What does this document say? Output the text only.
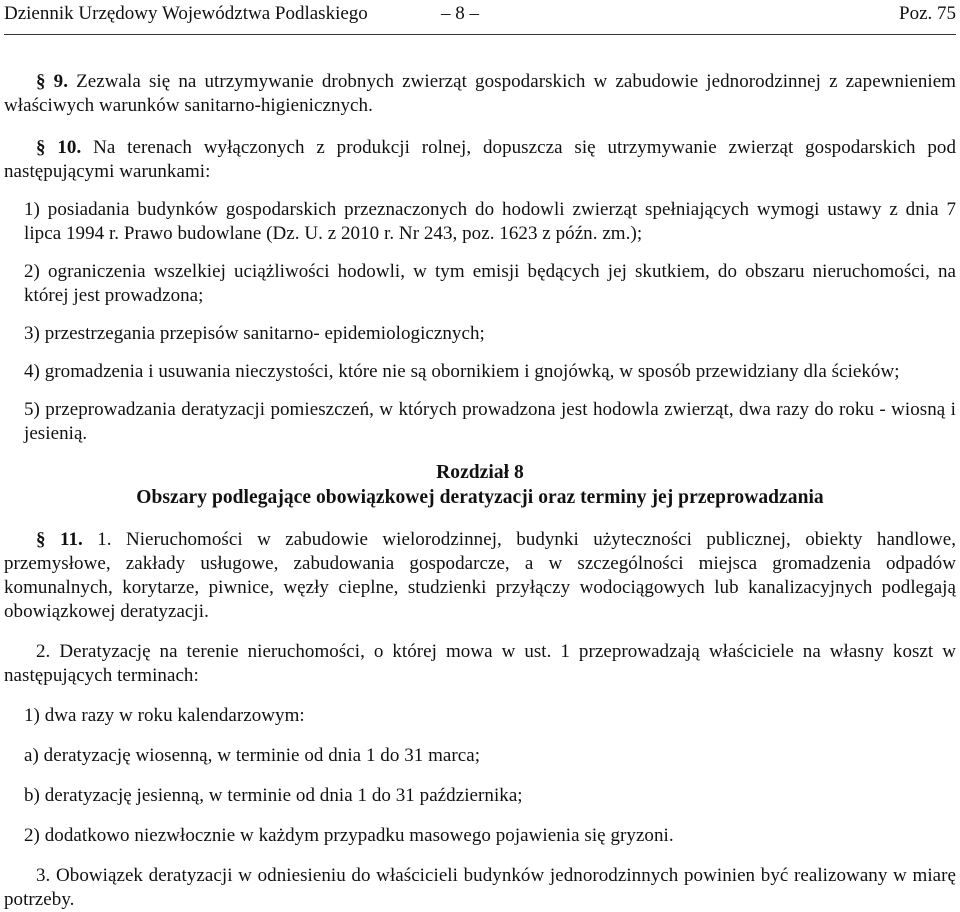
Dziennik Urzędowy Województwa Podlaskiego	– 8 –	Poz. 75

§ 9. Zezwala się na utrzymywanie drobnych zwierząt gospodarskich w zabudowie jednorodzinnej z zapewnieniem właściwych warunków sanitarno-higienicznych.

§ 10. Na terenach wyłączonych z produkcji rolnej, dopuszcza się utrzymywanie zwierząt gospodarskich pod następującymi warunkami:

1) posiadania budynków gospodarskich przeznaczonych do hodowli zwierząt spełniających wymogi ustawy z dnia 7 lipca 1994 r. Prawo budowlane (Dz. U. z 2010 r. Nr 243, poz. 1623 z późn. zm.);

2) ograniczenia wszelkiej uciążliwości hodowli, w tym emisji będących jej skutkiem, do obszaru nieruchomości, na której jest prowadzona;

3) przestrzegania przepisów sanitarno- epidemiologicznych;

4) gromadzenia i usuwania nieczystości, które nie są obornikiem i gnojówką, w sposób przewidziany dla ścieków;

5) przeprowadzania deratyzacji pomieszczeń, w których prowadzona jest hodowla zwierząt, dwa razy do roku - wiosną i jesienią.

Rozdział 8

Obszary podlegające obowiązkowej deratyzacji oraz terminy jej przeprowadzania

§ 11. 1. Nieruchomości w zabudowie wielorodzinnej, budynki użyteczności publicznej, obiekty handlowe, przemysłowe, zakłady usługowe, zabudowania gospodarcze, a w szczególności miejsca gromadzenia odpadów komunalnych, korytarze, piwnice, węzły cieplne, studzienki przyłączy wodociągowych lub kanalizacyjnych podlegają obowiązkowej deratyzacji.

2. Deratyzację na terenie nieruchomości, o której mowa w ust. 1 przeprowadzają właściciele na własny koszt w następujących terminach:

1) dwa razy w roku kalendarzowym:

a) deratyzację wiosenną, w terminie od dnia 1 do 31 marca;

b) deratyzację jesienną, w terminie od dnia 1 do 31 października;

2) dodatkowo niezwłocznie w każdym przypadku masowego pojawienia się gryzoni.

3. Obowiązek deratyzacji w odniesieniu do właścicieli budynków jednorodzinnych powinien być realizowany w miarę potrzeby.
